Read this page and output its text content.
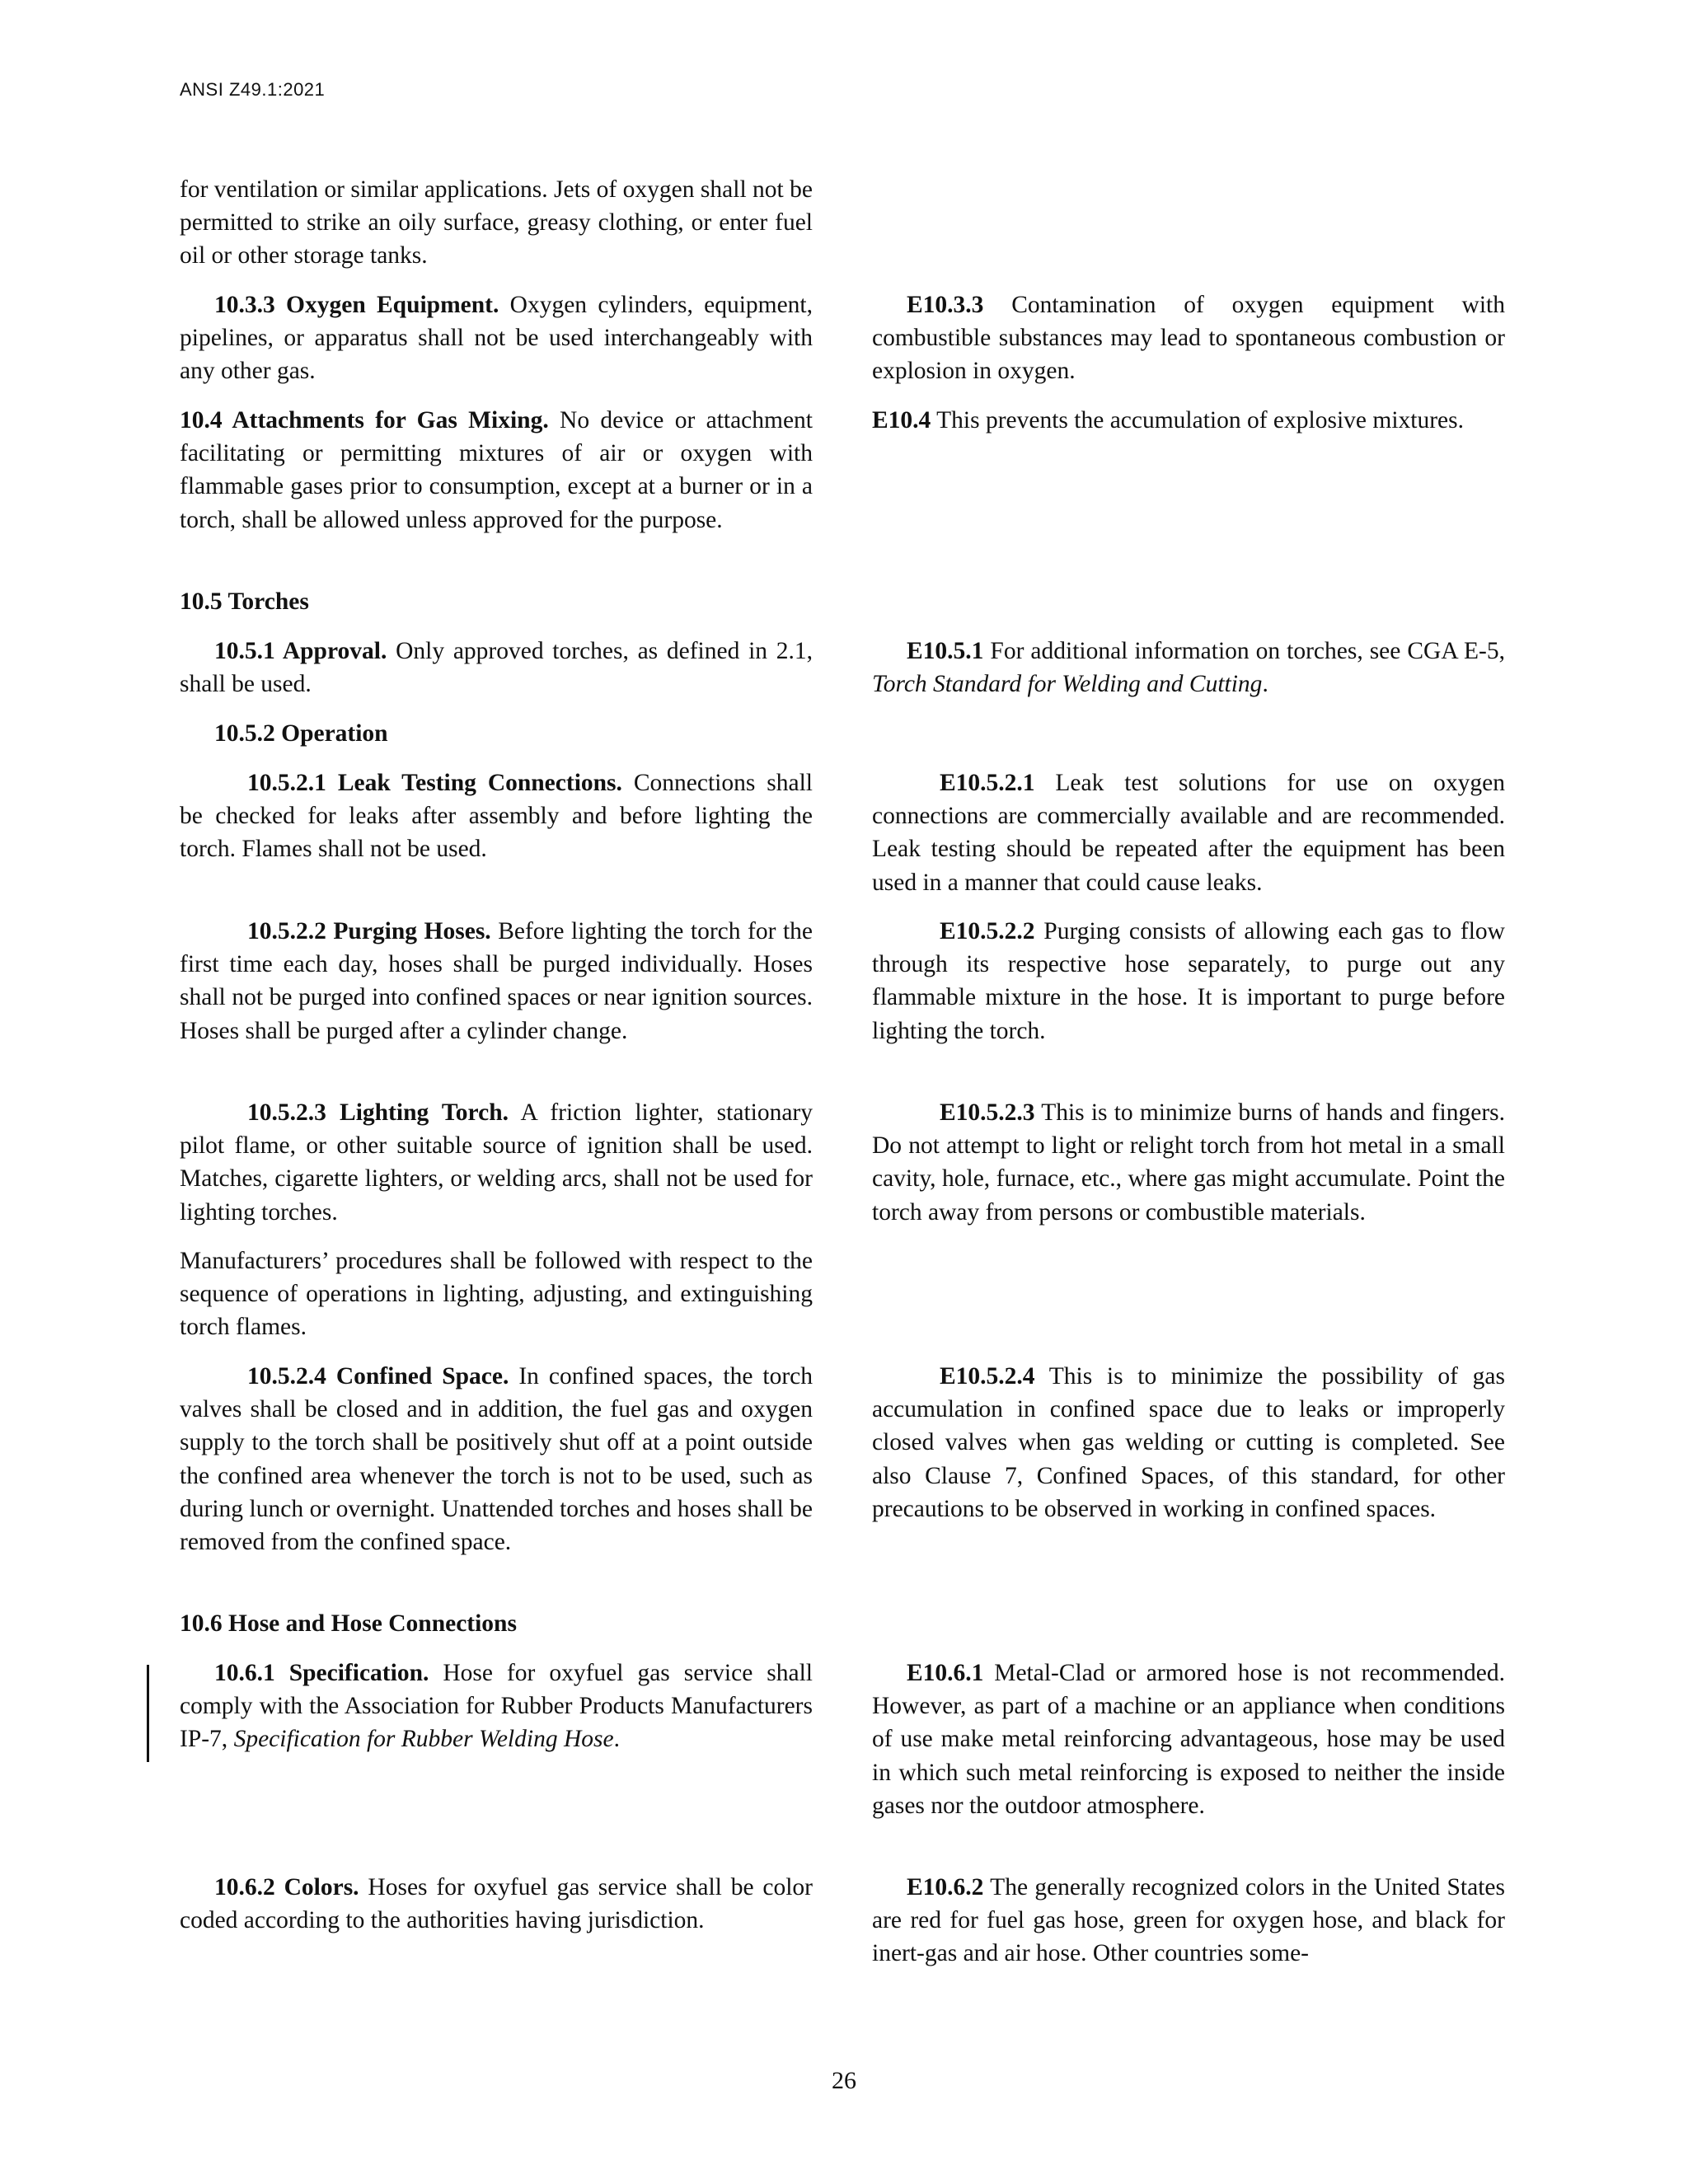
ANSI Z49.1:2021

for ventilation or similar applications. Jets of oxygen shall not be permitted to strike an oily surface, greasy clothing, or enter fuel oil or other storage tanks.

10.3.3 Oxygen Equipment. Oxygen cylinders, equipment, pipelines, or apparatus shall not be used interchangeably with any other gas.

10.4 Attachments for Gas Mixing. No device or attachment facilitating or permitting mixtures of air or oxygen with flammable gases prior to consumption, except at a burner or in a torch, shall be allowed unless approved for the purpose.

10.5 Torches

10.5.1 Approval. Only approved torches, as defined in 2.1, shall be used.

10.5.2 Operation

10.5.2.1 Leak Testing Connections. Connections shall be checked for leaks after assembly and before lighting the torch. Flames shall not be used.

10.5.2.2 Purging Hoses. Before lighting the torch for the first time each day, hoses shall be purged individually. Hoses shall not be purged into confined spaces or near ignition sources. Hoses shall be purged after a cylinder change.

10.5.2.3 Lighting Torch. A friction lighter, stationary pilot flame, or other suitable source of ignition shall be used. Matches, cigarette lighters, or welding arcs, shall not be used for lighting torches.

Manufacturers’ procedures shall be followed with respect to the sequence of operations in lighting, adjusting, and extinguishing torch flames.

10.5.2.4 Confined Space. In confined spaces, the torch valves shall be closed and in addition, the fuel gas and oxygen supply to the torch shall be positively shut off at a point outside the confined area whenever the torch is not to be used, such as during lunch or overnight. Unattended torches and hoses shall be removed from the confined space.

10.6 Hose and Hose Connections

10.6.1 Specification. Hose for oxyfuel gas service shall comply with the Association for Rubber Products Manufacturers IP-7, Specification for Rubber Welding Hose.

10.6.2 Colors. Hoses for oxyfuel gas service shall be color coded according to the authorities having jurisdiction.

E10.3.3 Contamination of oxygen equipment with combustible substances may lead to spontaneous combustion or explosion in oxygen.

E10.4 This prevents the accumulation of explosive mixtures.

E10.5.1 For additional information on torches, see CGA E-5, Torch Standard for Welding and Cutting.

E10.5.2.1 Leak test solutions for use on oxygen connections are commercially available and are recommended. Leak testing should be repeated after the equipment has been used in a manner that could cause leaks.

E10.5.2.2 Purging consists of allowing each gas to flow through its respective hose separately, to purge out any flammable mixture in the hose. It is important to purge before lighting the torch.

E10.5.2.3 This is to minimize burns of hands and fingers. Do not attempt to light or relight torch from hot metal in a small cavity, hole, furnace, etc., where gas might accumulate. Point the torch away from persons or combustible materials.

E10.5.2.4 This is to minimize the possibility of gas accumulation in confined space due to leaks or improperly closed valves when gas welding or cutting is completed. See also Clause 7, Confined Spaces, of this standard, for other precautions to be observed in working in confined spaces.

E10.6.1 Metal-Clad or armored hose is not recommended. However, as part of a machine or an appliance when conditions of use make metal reinforcing advantageous, hose may be used in which such metal reinforcing is exposed to neither the inside gases nor the outdoor atmosphere.

E10.6.2 The generally recognized colors in the United States are red for fuel gas hose, green for oxygen hose, and black for inert-gas and air hose. Other countries some-

26
